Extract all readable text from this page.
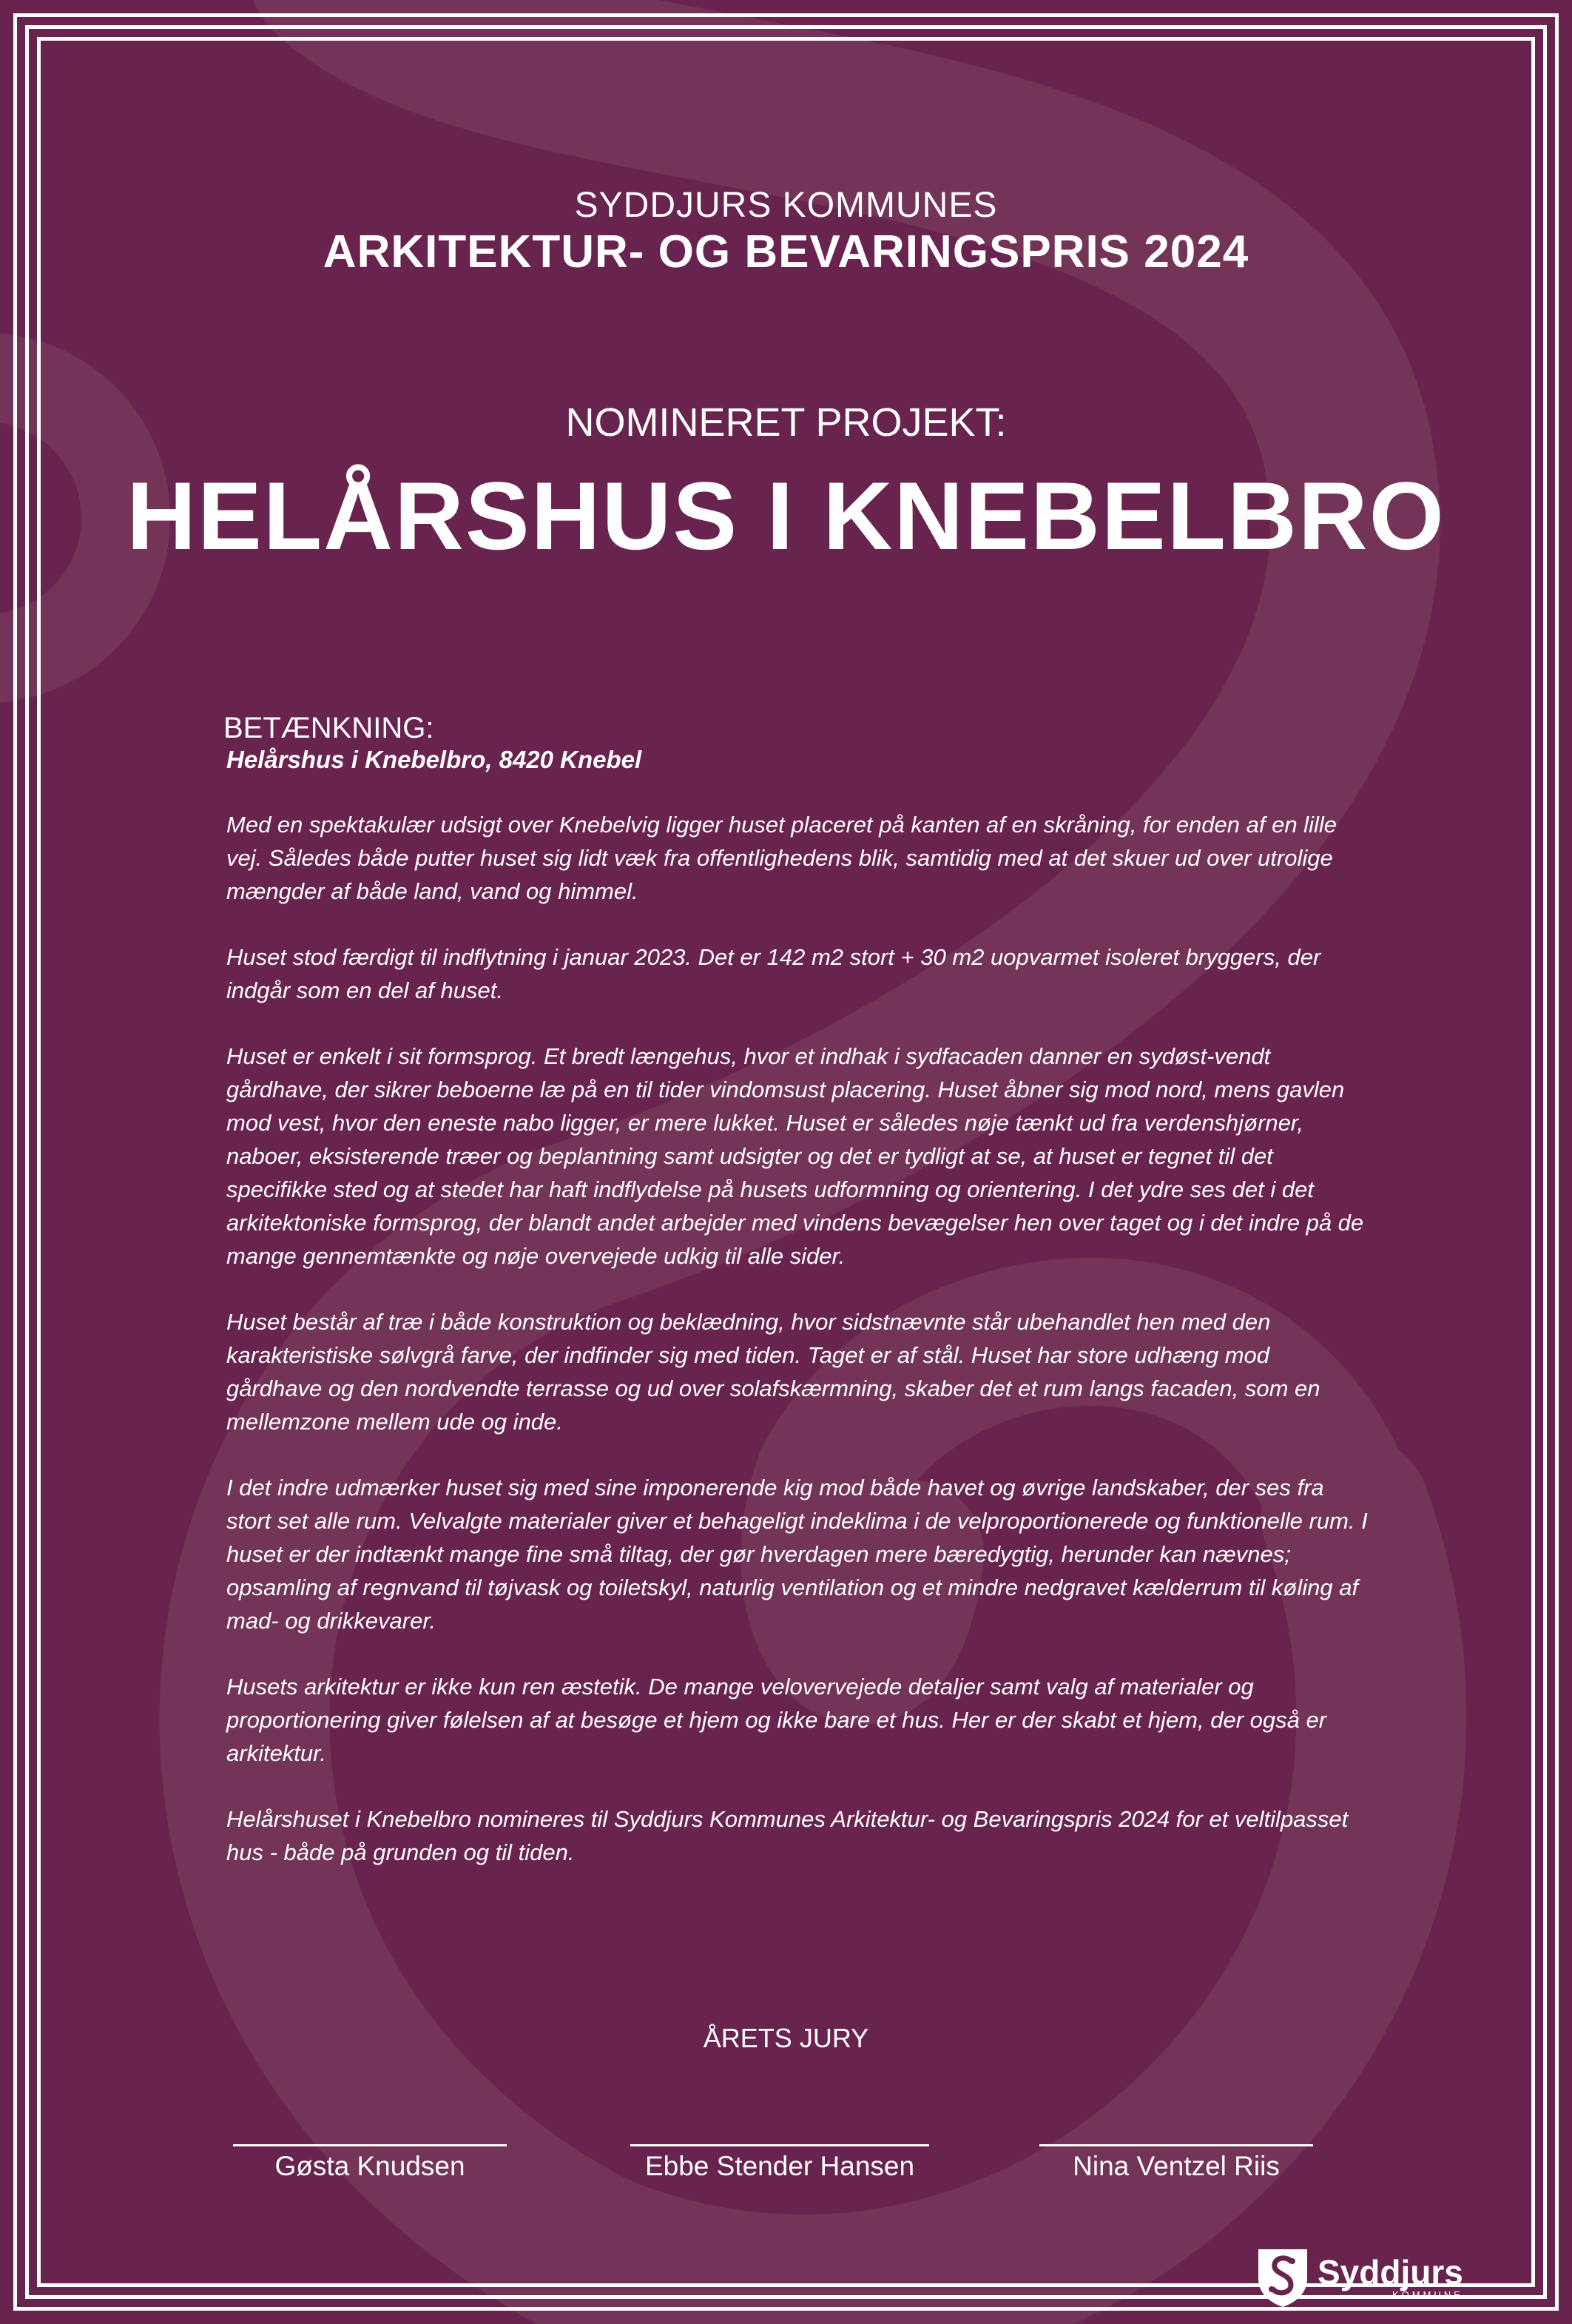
SYDDJURS KOMMUNES
ARKITEKTUR- OG BEVARINGSPRIS 2024
NOMINERET PROJEKT:
HELÅRSHUS I KNEBELBRO
BETÆNKNING:
Helårshus i Knebelbro, 8420 Knebel

Med en spektakulær udsigt over Knebelvig ligger huset placeret på kanten af en skråning, for enden af en lille vej. Således både putter huset sig lidt væk fra offentlighedens blik, samtidig med at det skuer ud over utrolige mængder af både land, vand og himmel.

Huset stod færdigt til indflytning i januar 2023. Det er 142 m2 stort + 30 m2 uopvarmet isoleret bryggers, der indgår som en del af huset.

Huset er enkelt i sit formsprog. Et bredt længehus, hvor et indhak i sydfacaden danner en sydøst-vendt gårdhave, der sikrer beboerne læ på en til tider vindomsust placering. Huset åbner sig mod nord, mens gavlen mod vest, hvor den eneste nabo ligger, er mere lukket. Huset er således nøje tænkt ud fra verdenshjørner, naboer, eksisterende træer og beplantning samt udsigter og det er tydligt at se, at huset er tegnet til det specifikke sted og at stedet har haft indflydelse på husets udformning og orientering. I det ydre ses det i det arkitektoniske formsprog, der blandt andet arbejder med vindens bevægelser hen over taget og i det indre på de mange gennemtænkte og nøje overvejede udkig til alle sider.

Huset består af træ i både konstruktion og beklædning, hvor sidstnævnte står ubehandlet hen med den karakteristiske sølvgrå farve, der indfinder sig med tiden. Taget er af stål. Huset har store udhæng mod gårdhave og den nordvendte terrasse og ud over solafskærmning, skaber det et rum langs facaden, som en mellemzone mellem ude og inde.

I det indre udmærker huset sig med sine imponerende kig mod både havet og øvrige landskaber, der ses fra stort set alle rum. Velvalgte materialer giver et behageligt indeklima i de velproportionerede og funktionelle rum. I huset er der indtænkt mange fine små tiltag, der gør hverdagen mere bæredygtig, herunder kan nævnes; opsamling af regnvand til tøjvask og toiletskyl, naturlig ventilation og et mindre nedgravet kælderrum til køling af mad- og drikkevarer.

Husets arkitektur er ikke kun ren æstetik. De mange velovervejede detaljer samt valg af materialer og proportionering giver følelsen af at besøge et hjem og ikke bare et hus. Her er der skabt et hjem, der også er arkitektur.

Helårshuset i Knebelbro nomineres til Syddjurs Kommunes Arkitektur- og Bevaringspris 2024 for et veltilpasset hus - både på grunden og til tiden.

ÅRETS JURY
Gøsta Knudsen	Ebbe Stender Hansen	Nina Ventzel Riis
Syddjurs
KOMMUNE
